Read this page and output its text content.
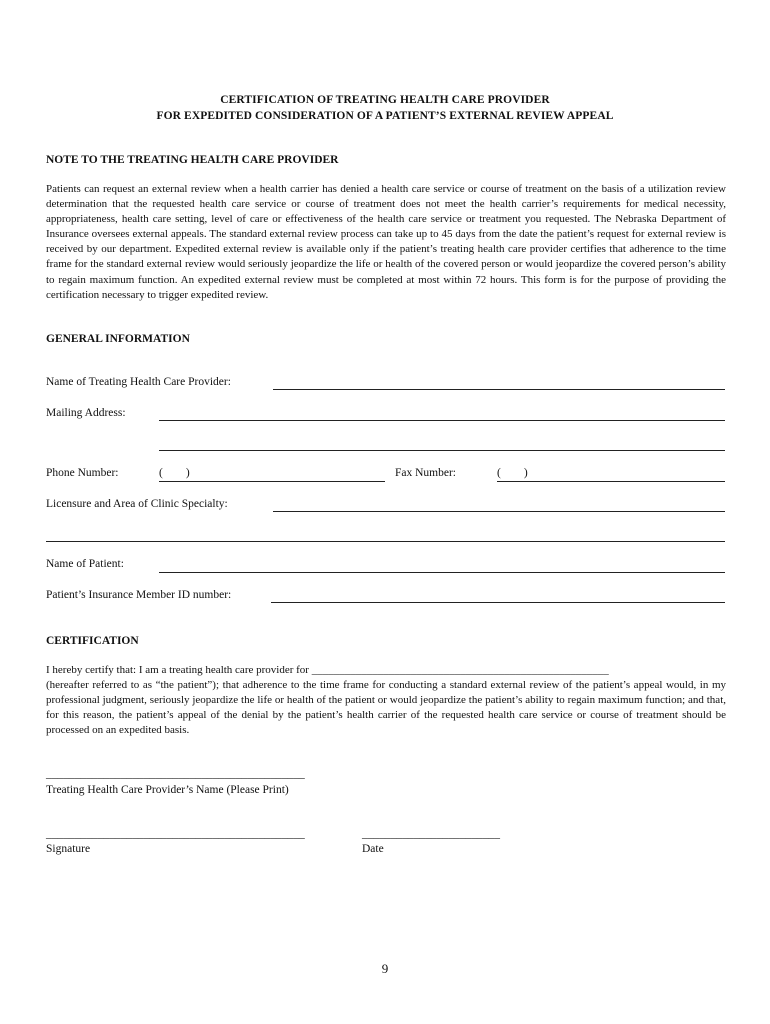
CERTIFICATION OF TREATING HEALTH CARE PROVIDER
FOR EXPEDITED CONSIDERATION OF A PATIENT’S EXTERNAL REVIEW APPEAL
NOTE TO THE TREATING HEALTH CARE PROVIDER
Patients can request an external review when a health carrier has denied a health care service or course of treatment on the basis of a utilization review determination that the requested health care service or course of treatment does not meet the health carrier’s requirements for medical necessity, appropriateness, health care setting, level of care or effectiveness of the health care service or treatment you requested. The Nebraska Department of Insurance oversees external appeals. The standard external review process can take up to 45 days from the date the patient’s request for external review is received by our department. Expedited external review is available only if the patient’s treating health care provider certifies that adherence to the time frame for the standard external review would seriously jeopardize the life or health of the covered person or would jeopardize the covered person’s ability to regain maximum function. An expedited external review must be completed at most within 72 hours. This form is for the purpose of providing the certification necessary to trigger expedited review.
GENERAL INFORMATION
Name of Treating Health Care Provider:
Mailing Address:
Phone Number:	(        )	Fax Number:	(        )
Licensure and Area of Clinic Specialty:
Name of Patient:
Patient’s Insurance Member ID number:
CERTIFICATION
I hereby certify that: I am a treating health care provider for ______________________________________________________
(hereafter referred to as “the patient”); that adherence to the time frame for conducting a standard external review of the patient’s appeal would, in my professional judgment, seriously jeopardize the life or health of the patient or would jeopardize the patient’s ability to regain maximum function; and that, for this reason, the patient’s appeal of the denial by the patient’s health carrier of the requested health care service or course of treatment should be processed on an expedited basis.
_____________________________________________
Treating Health Care Provider’s Name (Please Print)
_____________________________________________
Signature
________________________
Date
9
